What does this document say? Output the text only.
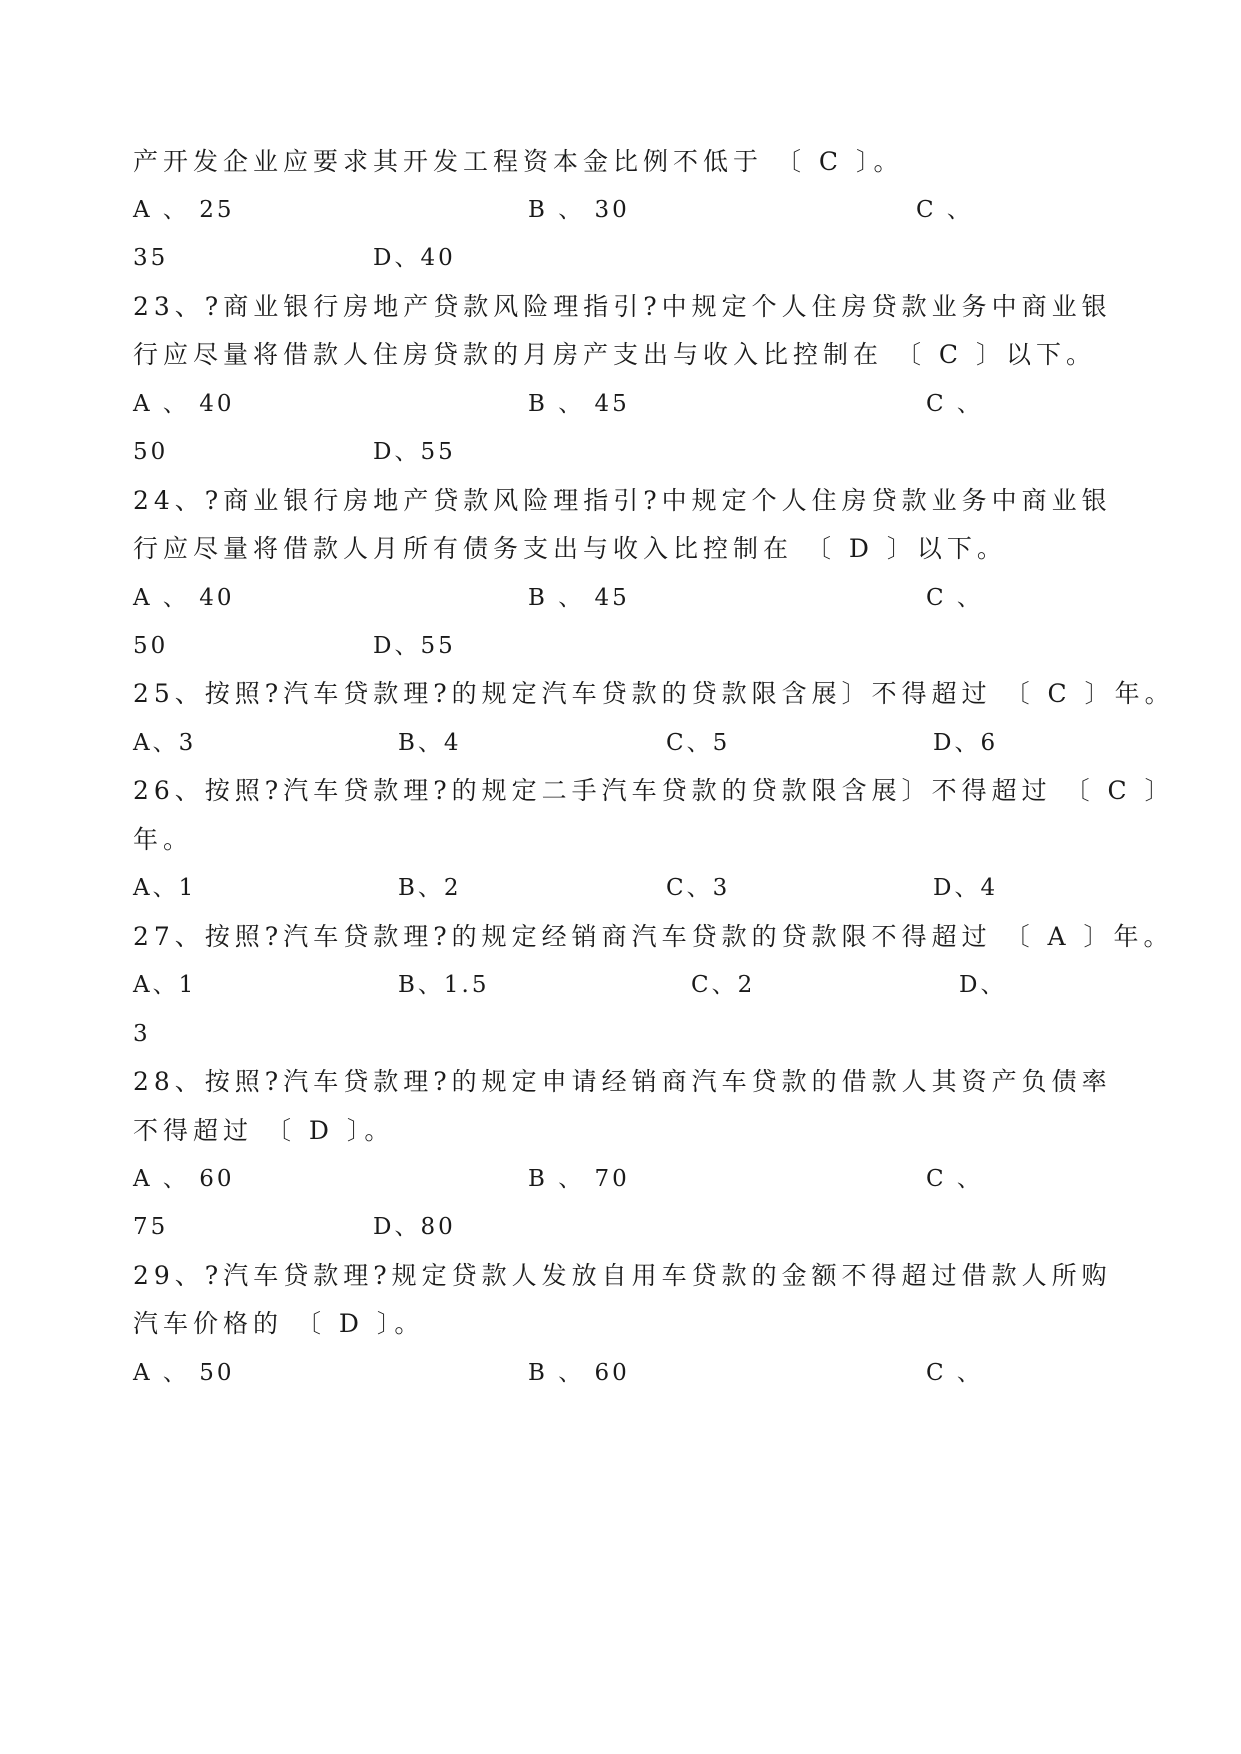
产开发企业应要求其开发工程资本金比例不低于 〔 C 〕。
A 、 25	B 、 30	C 、
35	D、40
23、?商业银行房地产贷款风险理指引?中规定个人住房贷款业务中商业银
行应尽量将借款人住房贷款的月房产支出与收入比控制在 〔 C 〕以下。
A 、 40	B 、 45	C 、
50	D、55
24、?商业银行房地产贷款风险理指引?中规定个人住房贷款业务中商业银
行应尽量将借款人月所有债务支出与收入比控制在 〔 D 〕以下。
A 、 40	B 、 45	C 、
50	D、55
25、按照?汽车贷款理?的规定汽车贷款的贷款限含展〕不得超过 〔 C 〕年。
A、3	B、4	C、5	D、6
26、按照?汽车贷款理?的规定二手汽车贷款的贷款限含展〕不得超过 〔 C 〕
年。
A、1	B、2	C、3	D、4
27、按照?汽车贷款理?的规定经销商汽车贷款的贷款限不得超过 〔 A 〕年。
A、1	B、1.5	C、2	D、
3
28、按照?汽车贷款理?的规定申请经销商汽车贷款的借款人其资产负债率
不得超过 〔 D 〕。
A 、 60	B 、 70	C 、
75	D、80
29、?汽车贷款理?规定贷款人发放自用车贷款的金额不得超过借款人所购
汽车价格的 〔 D 〕。
A 、 50	B 、 60	C 、
